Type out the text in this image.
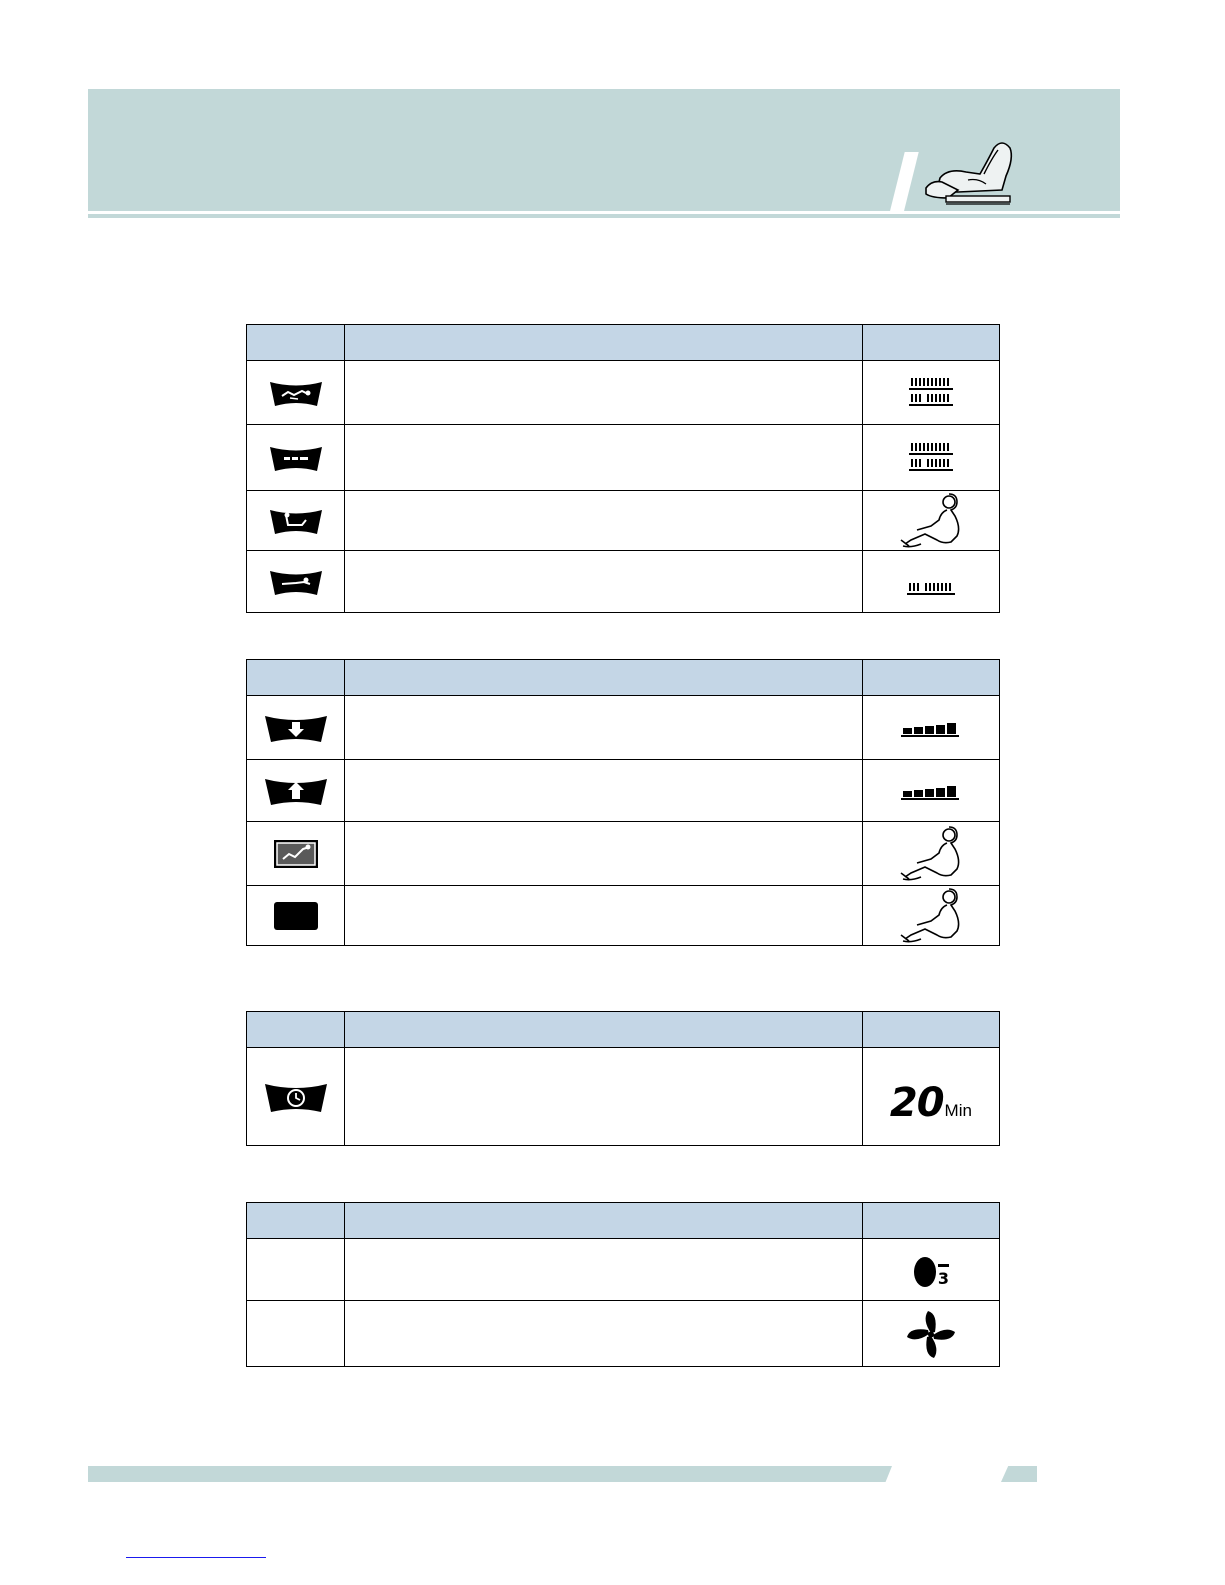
		20Min

		3
